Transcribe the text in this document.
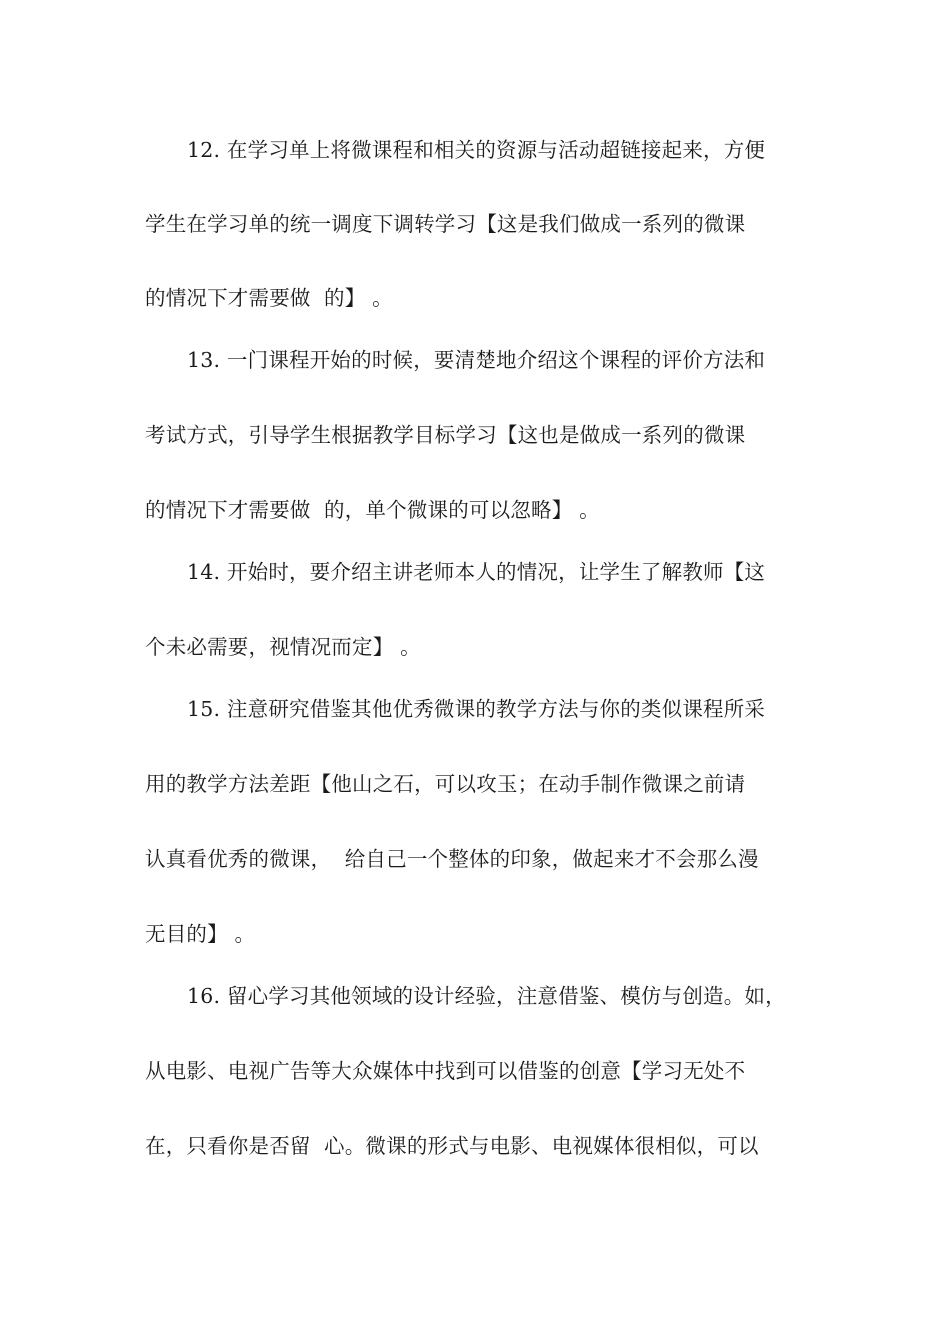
12. 在学习单上将微课程和相关的资源与活动超链接起来，方便
学生在学习单的统一调度下调转学习【这是我们做成一系列的微课
的情况下才需要做  的】 。
13. 一门课程开始的时候，要清楚地介绍这个课程的评价方法和
考试方式，引导学生根据教学目标学习【这也是做成一系列的微课
的情况下才需要做  的，单个微课的可以忽略】 。
14. 开始时，要介绍主讲老师本人的情况，让学生了解教师【这
个未必需要，视情况而定】 。
15. 注意研究借鉴其他优秀微课的教学方法与你的类似课程所采
用的教学方法差距【他山之石，可以攻玉；在动手制作微课之前请
认真看优秀的微课，  给自己一个整体的印象，做起来才不会那么漫
无目的】 。
16. 留心学习其他领域的设计经验，注意借鉴、模仿与创造。如，
从电影、电视广告等大众媒体中找到可以借鉴的创意【学习无处不
在，只看你是否留  心。微课的形式与电影、电视媒体很相似，可以
